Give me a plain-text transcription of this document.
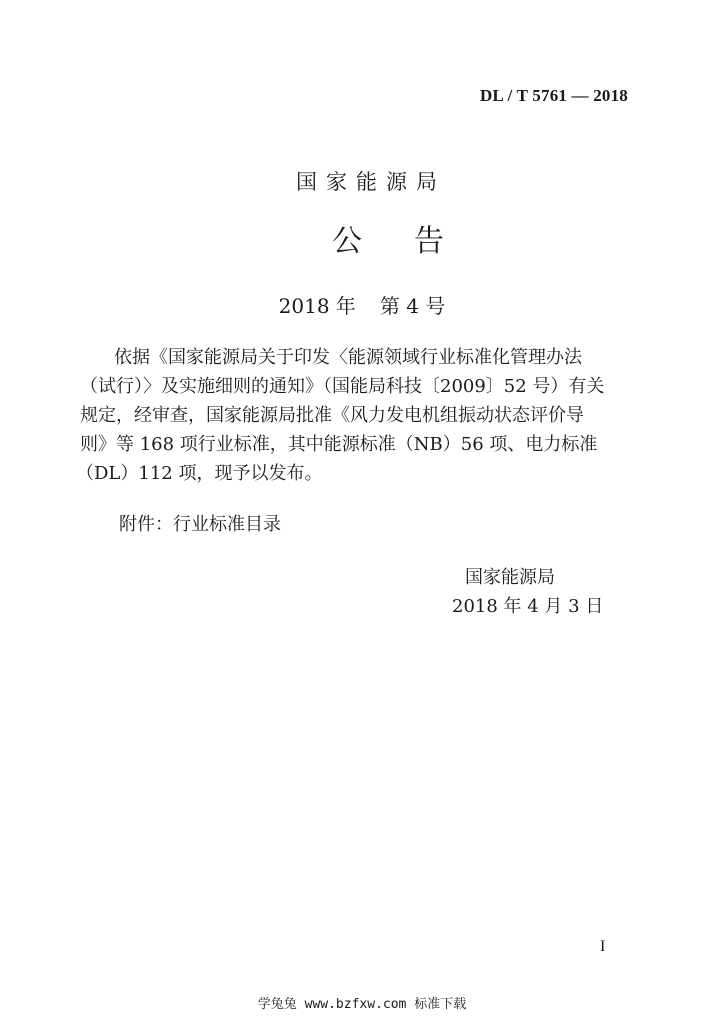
DL / T 5761 — 2018
国家能源局
公告
2018 年 第 4 号
依据《国家能源局关于印发〈能源领域行业标准化管理办法
（试行）〉及实施细则的通知》（国能局科技〔2009〕52 号）有关
规定，经审查，国家能源局批准《风力发电机组振动状态评价导
则》等 168 项行业标准，其中能源标准（NB）56 项、电力标准
（DL）112 项，现予以发布。
附件：行业标准目录
国家能源局
2018 年 4 月 3 日
I
学兔兔 www.bzfxw.com 标准下载
